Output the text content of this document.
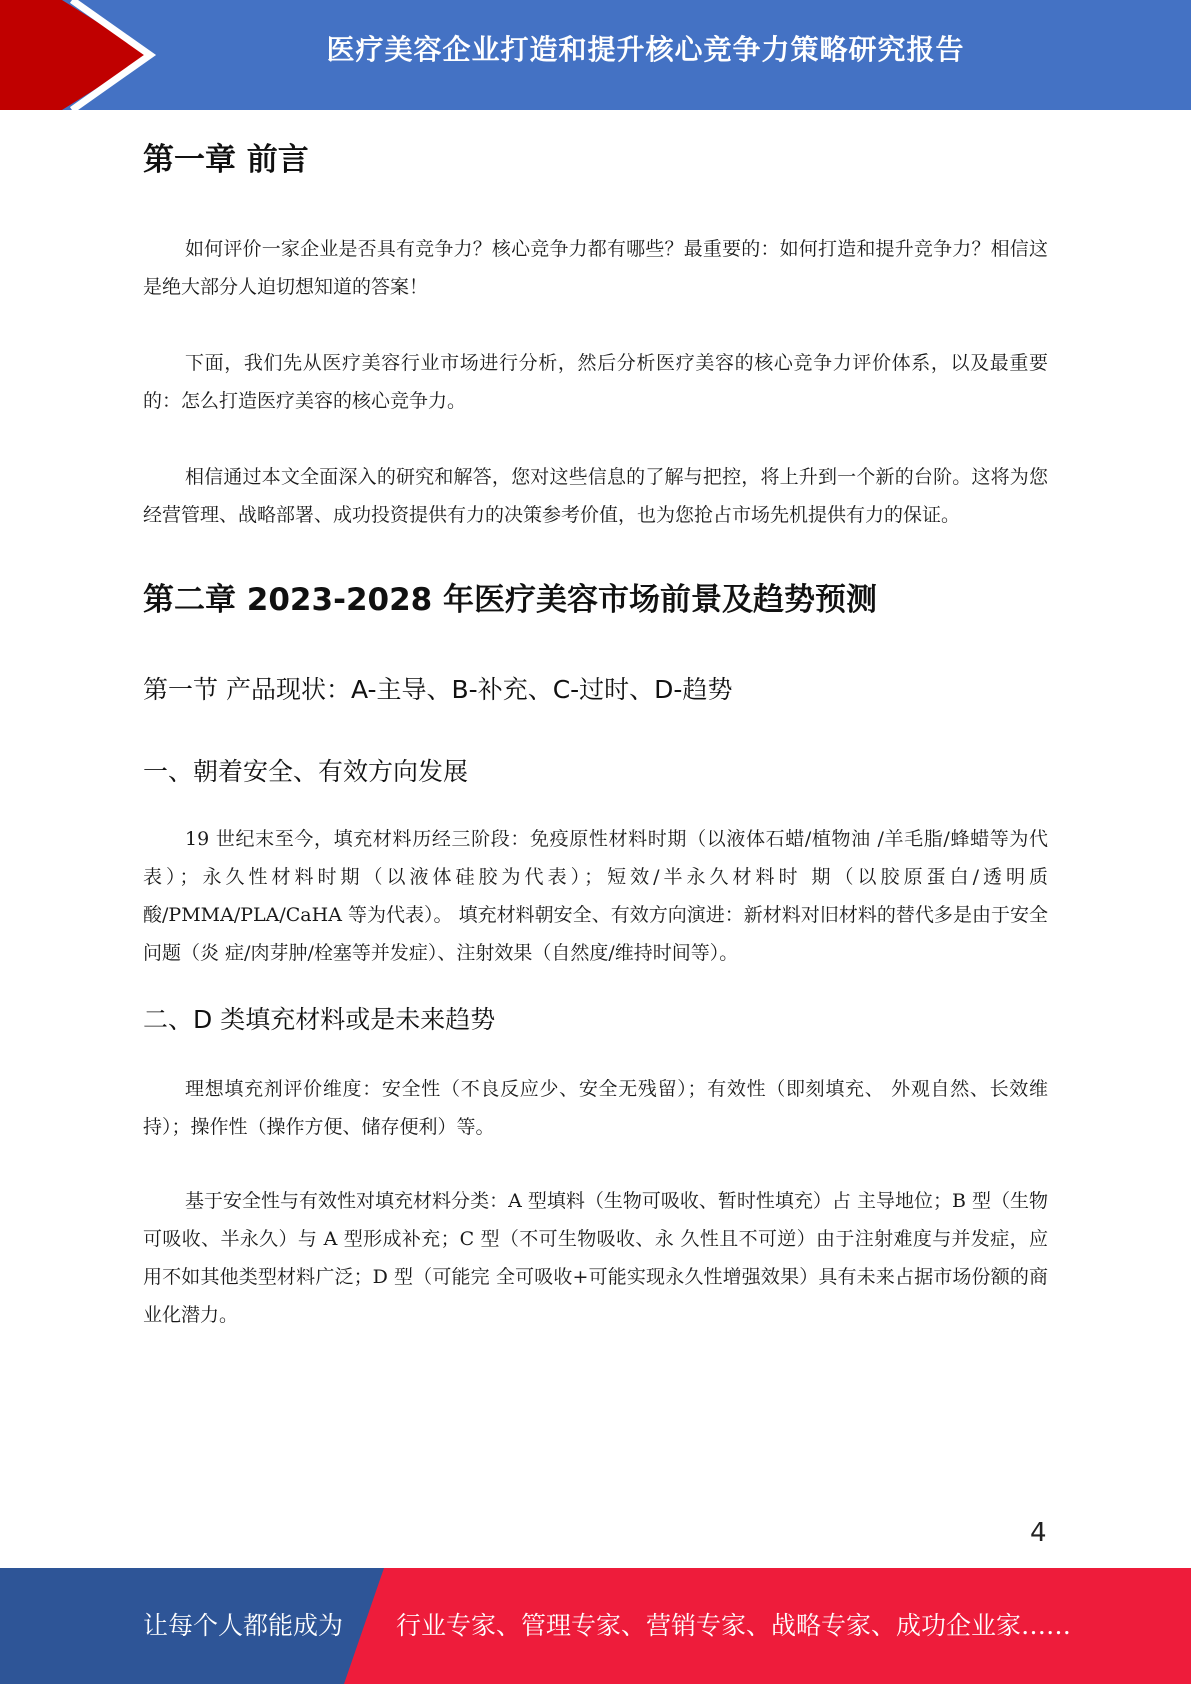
医疗美容企业打造和提升核心竞争力策略研究报告
第一章 前言

如何评价一家企业是否具有竞争力？核心竞争力都有哪些？最重要的：如何打造和提升竞争力？相信这是绝大部分人迫切想知道的答案！

下面，我们先从医疗美容行业市场进行分析，然后分析医疗美容的核心竞争力评价体系，以及最重要的：怎么打造医疗美容的核心竞争力。

相信通过本文全面深入的研究和解答，您对这些信息的了解与把控，将上升到一个新的台阶。这将为您经营管理、战略部署、成功投资提供有力的决策参考价值，也为您抢占市场先机提供有力的保证。

第二章 2023-2028 年医疗美容市场前景及趋势预测
第一节 产品现状：A-主导、B-补充、C-过时、D-趋势
一、朝着安全、有效方向发展

19 世纪末至今，填充材料历经三阶段：免疫原性材料时期（以液体石蜡/植物油 /羊毛脂/蜂蜡等为代表）；永久性材料时期（以液体硅胶为代表）；短效/半永久材料时 期（以胶原蛋白/透明质酸/PMMA/PLA/CaHA 等为代表）。 填充材料朝安全、有效方向演进：新材料对旧材料的替代多是由于安全问题（炎 症/肉芽肿/栓塞等并发症）、注射效果（自然度/维持时间等）。

二、D 类填充材料或是未来趋势

理想填充剂评价维度：安全性（不良反应少、安全无残留）；有效性（即刻填充、 外观自然、长效维持）；操作性（操作方便、储存便利）等。

基于安全性与有效性对填充材料分类：A 型填料（生物可吸收、暂时性填充）占 主导地位；B 型（生物可吸收、半永久）与 A 型形成补充；C 型（不可生物吸收、永 久性且不可逆）由于注射难度与并发症，应用不如其他类型材料广泛；D 型（可能完 全可吸收+可能实现永久性增强效果）具有未来占据市场份额的商业化潜力。

4
让每个人都能成为 行业专家、管理专家、营销专家、战略专家、成功企业家……
